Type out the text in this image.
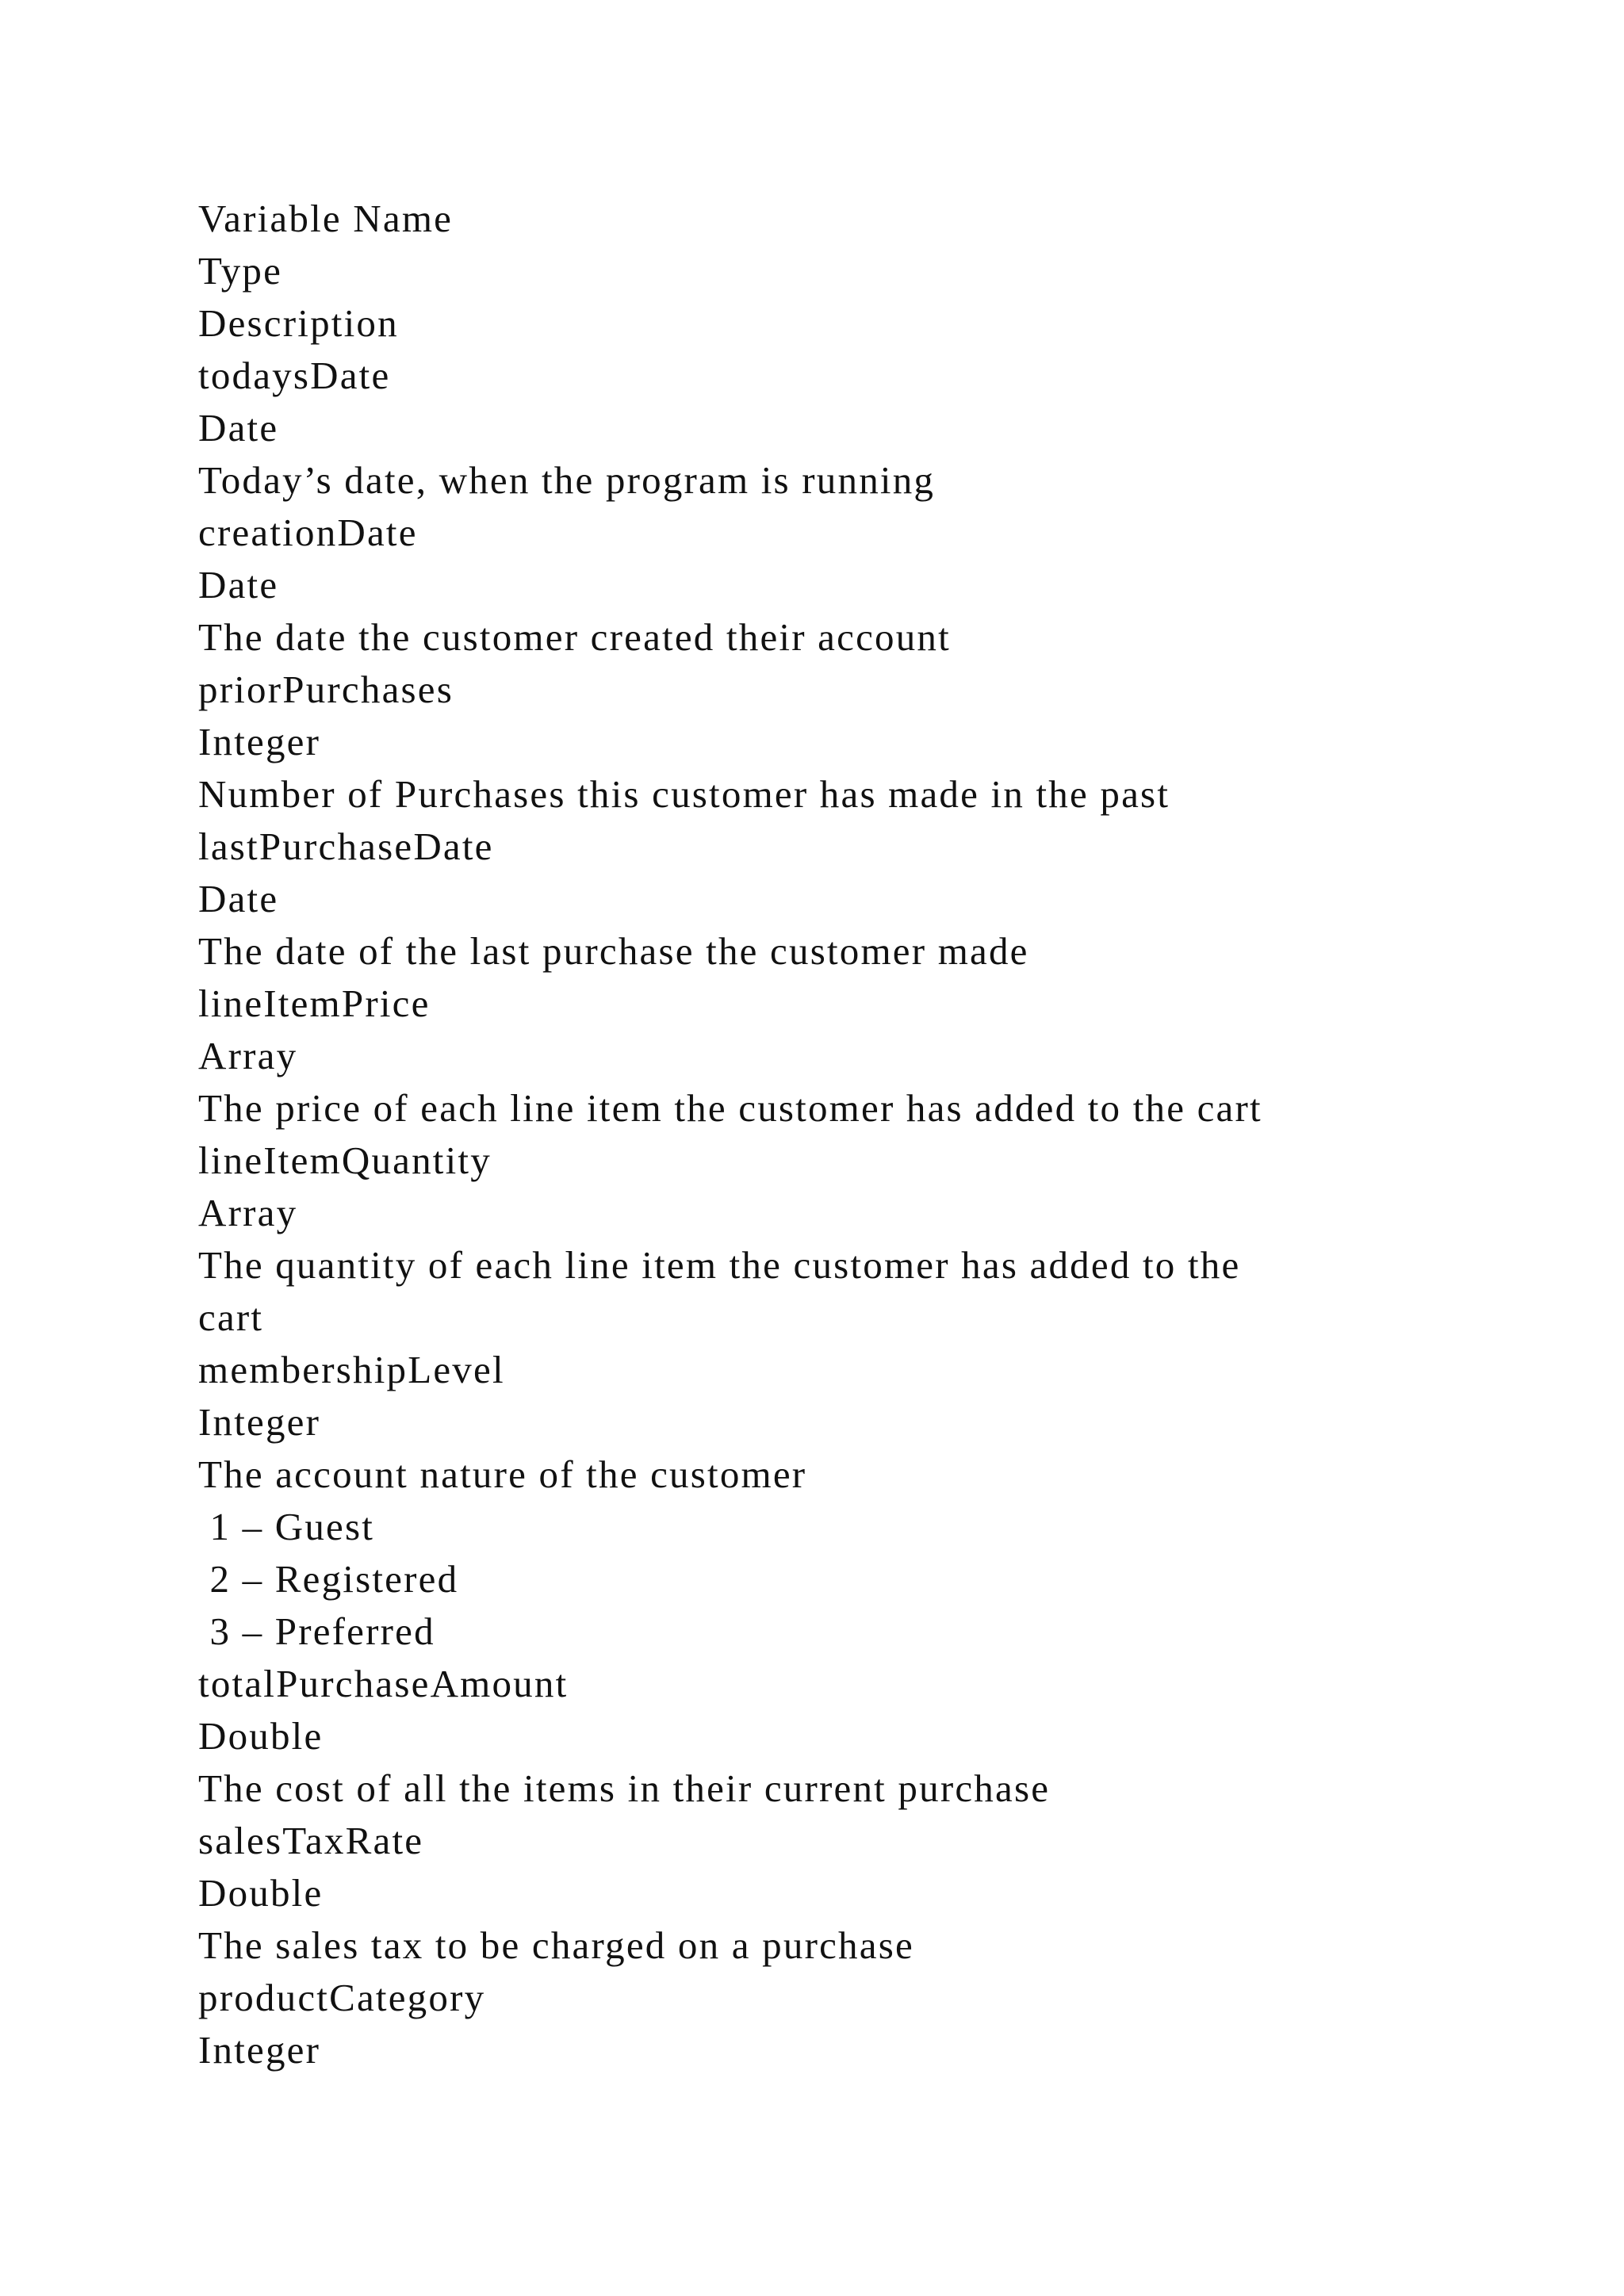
Variable Name
Type
Description
todaysDate
Date
Today’s date, when the program is running
creationDate
Date
The date the customer created their account
priorPurchases
Integer
Number of Purchases this customer has made in the past
lastPurchaseDate
Date
The date of the last purchase the customer made
lineItemPrice
Array
The price of each line item the customer has added to the cart
lineItemQuantity
Array
The quantity of each line item the customer has added to the
cart
membershipLevel
Integer
The account nature of the customer
1 – Guest
2 – Registered
3 – Preferred
totalPurchaseAmount
Double
The cost of all the items in their current purchase
salesTaxRate
Double
The sales tax to be charged on a purchase
productCategory
Integer
